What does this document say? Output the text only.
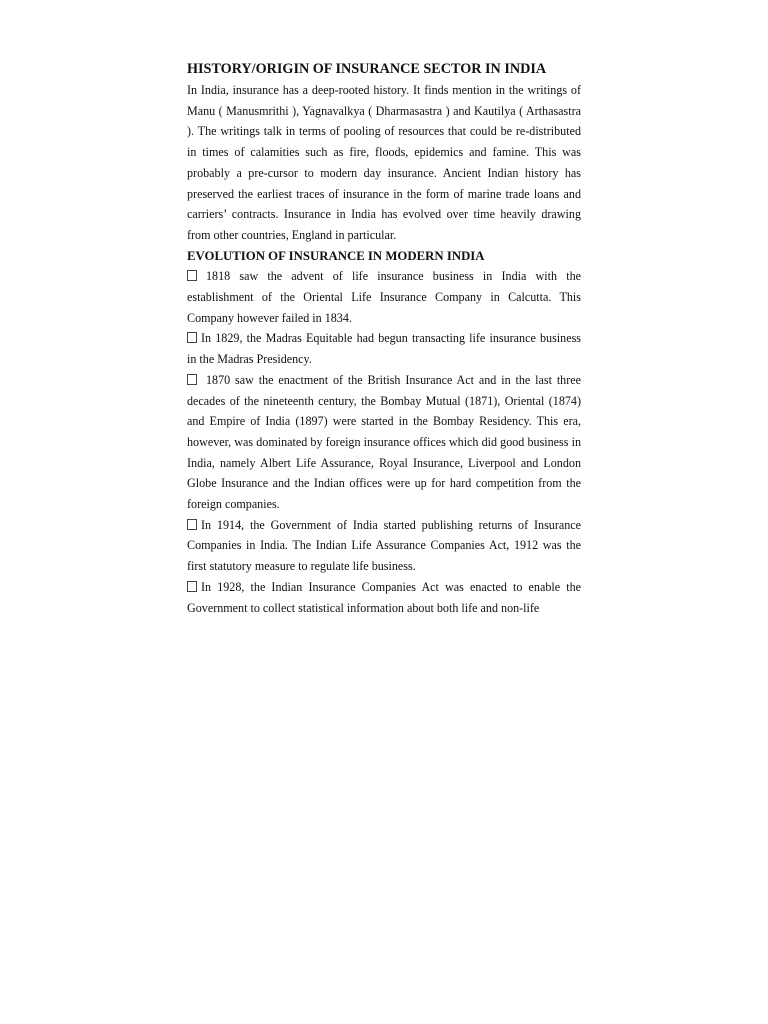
HISTORY/ORIGIN OF INSURANCE SECTOR IN INDIA

In India, insurance has a deep-rooted history. It finds mention in the writings of Manu ( Manusmrithi ), Yagnavalkya ( Dharmasastra ) and Kautilya ( Arthasastra ). The writings talk in terms of pooling of resources that could be re-distributed in times of calamities such as fire, floods, epidemics and famine. This was probably a pre-cursor to modern day insurance. Ancient Indian history has preserved the earliest traces of insurance in the form of marine trade loans and carriers’ contracts. Insurance in India has evolved over time heavily drawing from other countries, England in particular.

EVOLUTION OF INSURANCE IN MODERN INDIA

1818 saw the advent of life insurance business in India with the establishment of the Oriental Life Insurance Company in Calcutta. This Company however failed in 1834.

In 1829, the Madras Equitable had begun transacting life insurance business in the Madras Presidency.

1870 saw the enactment of the British Insurance Act and in the last three decades of the nineteenth century, the Bombay Mutual (1871), Oriental (1874) and Empire of India (1897) were started in the Bombay Residency. This era, however, was dominated by foreign insurance offices which did good business in India, namely Albert Life Assurance, Royal Insurance, Liverpool and London Globe Insurance and the Indian offices were up for hard competition from the foreign companies.

In 1914, the Government of India started publishing returns of Insurance Companies in India. The Indian Life Assurance Companies Act, 1912 was the first statutory measure to regulate life business.

In 1928, the Indian Insurance Companies Act was enacted to enable the Government to collect statistical information about both life and non-life
